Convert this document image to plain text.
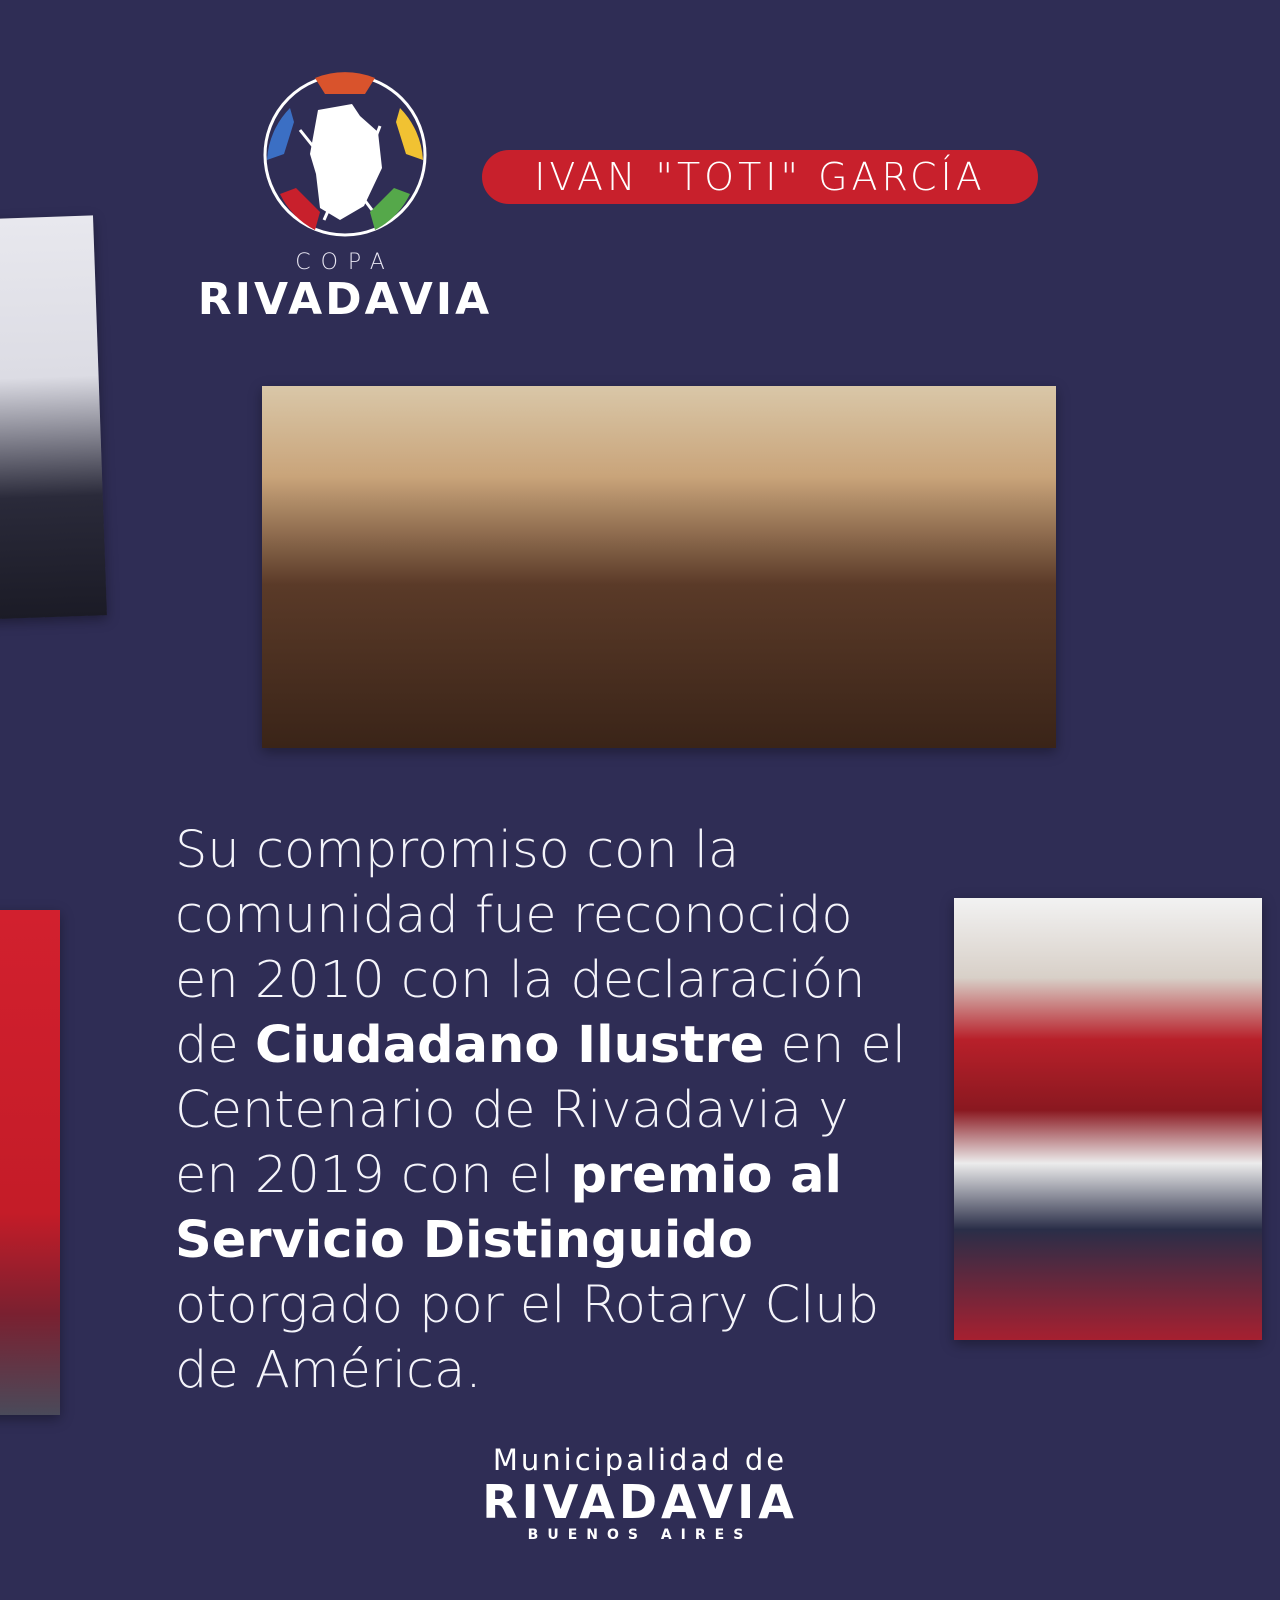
COPA
RIVADAVIA
IVAN "TOTI" GARCÍA
Su compromiso con la comunidad fue reconocido en 2010 con la declaración de Ciudadano Ilustre en el Centenario de Rivadavia y en 2019 con el premio al Servicio Distinguido otorgado por el Rotary Club de América.
Municipalidad de
RIVADAVIA
BUENOS AIRES
